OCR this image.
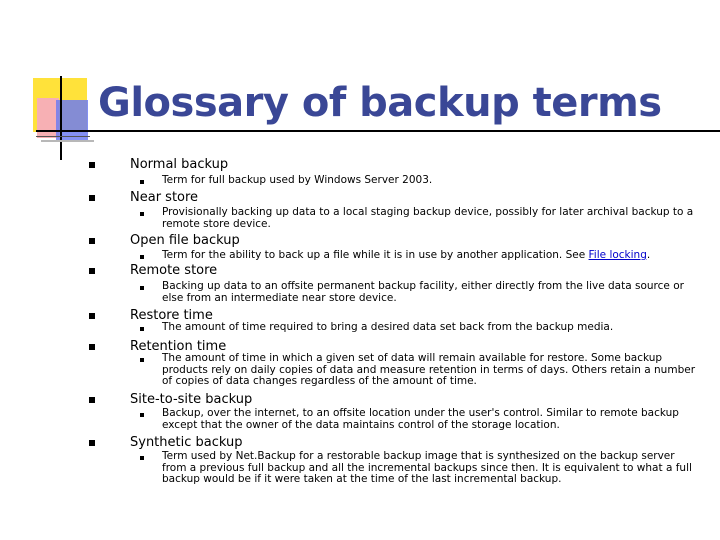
Glossary of backup terms
Normal backup
Term for full backup used by Windows Server 2003.
Near store
Provisionally backing up data to a local staging backup device, possibly for later archival backup to a remote store device.
Open file backup
Term for the ability to back up a file while it is in use by another application. See File locking.
Remote store
Backing up data to an offsite permanent backup facility, either directly from the live data source or else from an intermediate near store device.
Restore time
The amount of time required to bring a desired data set back from the backup media.
Retention time
The amount of time in which a given set of data will remain available for restore. Some backup products rely on daily copies of data and measure retention in terms of days. Others retain a number of copies of data changes regardless of the amount of time.
Site-to-site backup
Backup, over the internet, to an offsite location under the user's control. Similar to remote backup except that the owner of the data maintains control of the storage location.
Synthetic backup
Term used by Net.Backup for a restorable backup image that is synthesized on the backup server from a previous full backup and all the incremental backups since then. It is equivalent to what a full backup would be if it were taken at the time of the last incremental backup.
